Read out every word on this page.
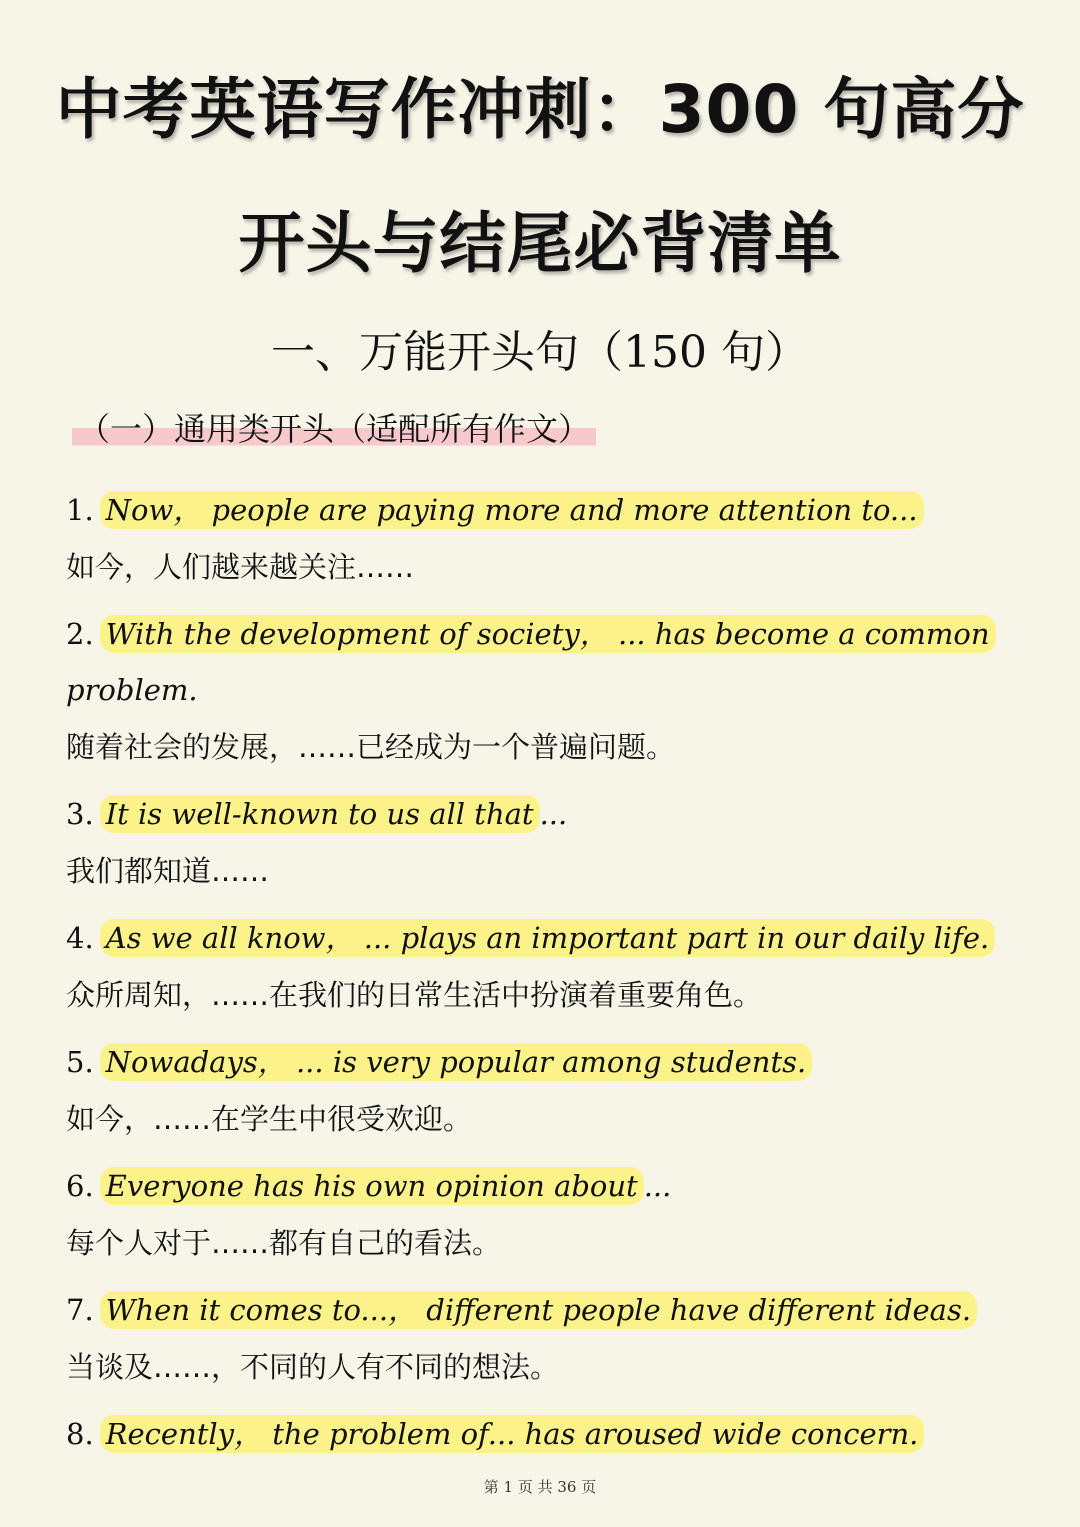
中考英语写作冲刺：300 句高分
开头与结尾必背清单
一、万能开头句（150 句）
（一）通用类开头（适配所有作文）
1. Now， people are paying more and more attention to...
如今，人们越来越关注……
2. With the development of society， ... has become a common problem.
随着社会的发展，……已经成为一个普遍问题。
3. It is well-known to us all that ...
我们都知道……
4. As we all know， ... plays an important part in our daily life.
众所周知，……在我们的日常生活中扮演着重要角色。
5. Nowadays， ... is very popular among students.
如今，……在学生中很受欢迎。
6. Everyone has his own opinion about ...
每个人对于……都有自己的看法。
7. When it comes to...， different people have different ideas.
当谈及……，不同的人有不同的想法。
8. Recently， the problem of... has aroused wide concern.
第 1 页 共 36 页
